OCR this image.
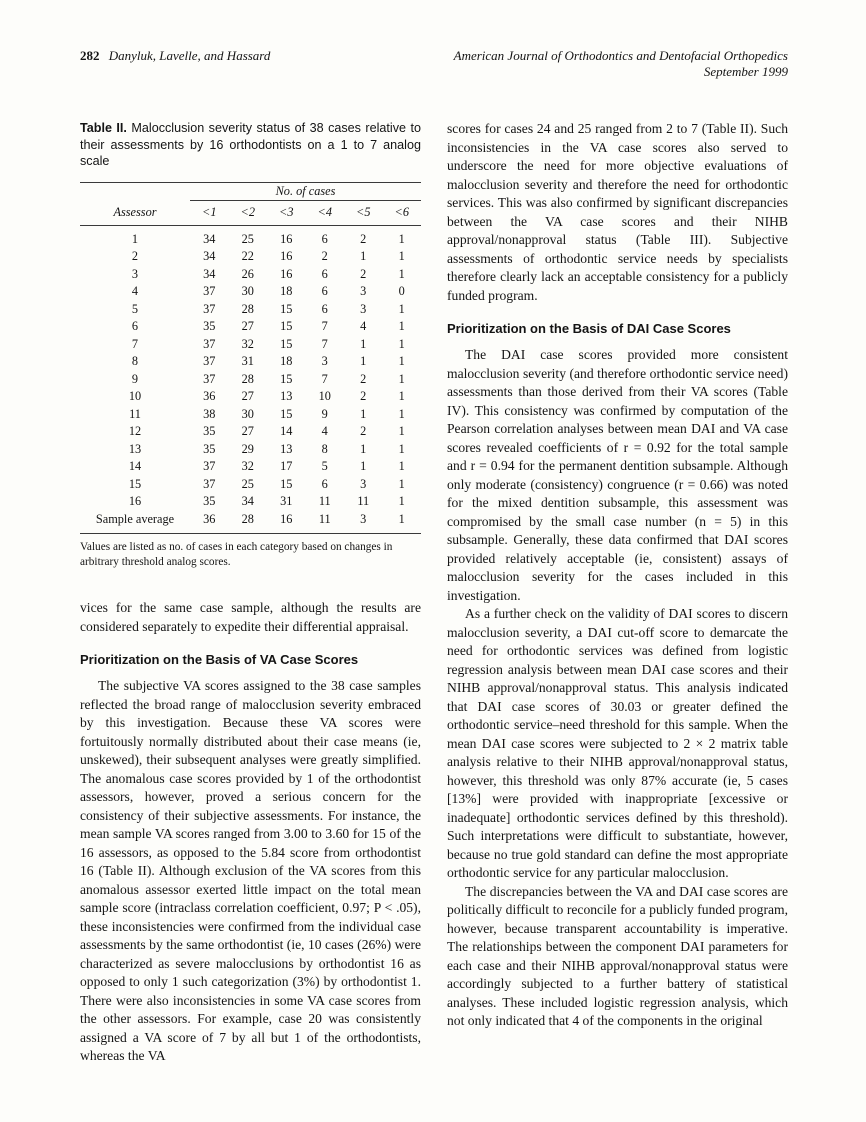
282 Danyluk, Lavelle, and Hassard	American Journal of Orthodontics and Dentofacial Orthopedics
September 1999

Table II. Malocclusion severity status of 38 cases relative to their assessments by 16 orthodontists on a 1 to 7 analog scale

	No. of cases					
Assessor	<1	<2	<3	<4	<5	<6
1	34	25	16	6	2	1
2	34	22	16	2	1	1
3	34	26	16	6	2	1
4	37	30	18	6	3	0
5	37	28	15	6	3	1
6	35	27	15	7	4	1
7	37	32	15	7	1	1
8	37	31	18	3	1	1
9	37	28	15	7	2	1
10	36	27	13	10	2	1
11	38	30	15	9	1	1
12	35	27	14	4	2	1
13	35	29	13	8	1	1
14	37	32	17	5	1	1
15	37	25	15	6	3	1
16	35	34	31	11	11	1
Sample average	36	28	16	11	3	1

Values are listed as no. of cases in each category based on changes in arbitrary threshold analog scores.

vices for the same case sample, although the results are considered separately to expedite their differential appraisal.

Prioritization on the Basis of VA Case Scores

The subjective VA scores assigned to the 38 case samples reflected the broad range of malocclusion severity embraced by this investigation. Because these VA scores were fortuitously normally distributed about their case means (ie, unskewed), their subsequent analyses were greatly simplified. The anomalous case scores provided by 1 of the orthodontist assessors, however, proved a serious concern for the consistency of their subjective assessments. For instance, the mean sample VA scores ranged from 3.00 to 3.60 for 15 of the 16 assessors, as opposed to the 5.84 score from orthodontist 16 (Table II). Although exclusion of the VA scores from this anomalous assessor exerted little impact on the total mean sample score (intraclass correlation coefficient, 0.97; P < .05), these inconsistencies were confirmed from the individual case assessments by the same orthodontist (ie, 10 cases (26%) were characterized as severe malocclusions by orthodontist 16 as opposed to only 1 such categorization (3%) by orthodontist 1. There were also inconsistencies in some VA case scores from the other assessors. For example, case 20 was consistently assigned a VA score of 7 by all but 1 of the orthodontists, whereas the VA

scores for cases 24 and 25 ranged from 2 to 7 (Table II). Such inconsistencies in the VA case scores also served to underscore the need for more objective evaluations of malocclusion severity and therefore the need for orthodontic services. This was also confirmed by significant discrepancies between the VA case scores and their NIHB approval/nonapproval status (Table III). Subjective assessments of orthodontic service needs by specialists therefore clearly lack an acceptable consistency for a publicly funded program.

Prioritization on the Basis of DAI Case Scores

The DAI case scores provided more consistent malocclusion severity (and therefore orthodontic service need) assessments than those derived from their VA scores (Table IV). This consistency was confirmed by computation of the Pearson correlation analyses between mean DAI and VA case scores revealed coefficients of r = 0.92 for the total sample and r = 0.94 for the permanent dentition subsample. Although only moderate (consistency) congruence (r = 0.66) was noted for the mixed dentition subsample, this assessment was compromised by the small case number (n = 5) in this subsample. Generally, these data confirmed that DAI scores provided relatively acceptable (ie, consistent) assays of malocclusion severity for the cases included in this investigation.

As a further check on the validity of DAI scores to discern malocclusion severity, a DAI cut-off score to demarcate the need for orthodontic services was defined from logistic regression analysis between mean DAI case scores and their NIHB approval/nonapproval status. This analysis indicated that DAI case scores of 30.03 or greater defined the orthodontic service–need threshold for this sample. When the mean DAI case scores were subjected to 2 × 2 matrix table analysis relative to their NIHB approval/nonapproval status, however, this threshold was only 87% accurate (ie, 5 cases [13%] were provided with inappropriate [excessive or inadequate] orthodontic services defined by this threshold). Such interpretations were difficult to substantiate, however, because no true gold standard can define the most appropriate orthodontic service for any particular malocclusion.

The discrepancies between the VA and DAI case scores are politically difficult to reconcile for a publicly funded program, however, because transparent accountability is imperative. The relationships between the component DAI parameters for each case and their NIHB approval/nonapproval status were accordingly subjected to a further battery of statistical analyses. These included logistic regression analysis, which not only indicated that 4 of the components in the original
